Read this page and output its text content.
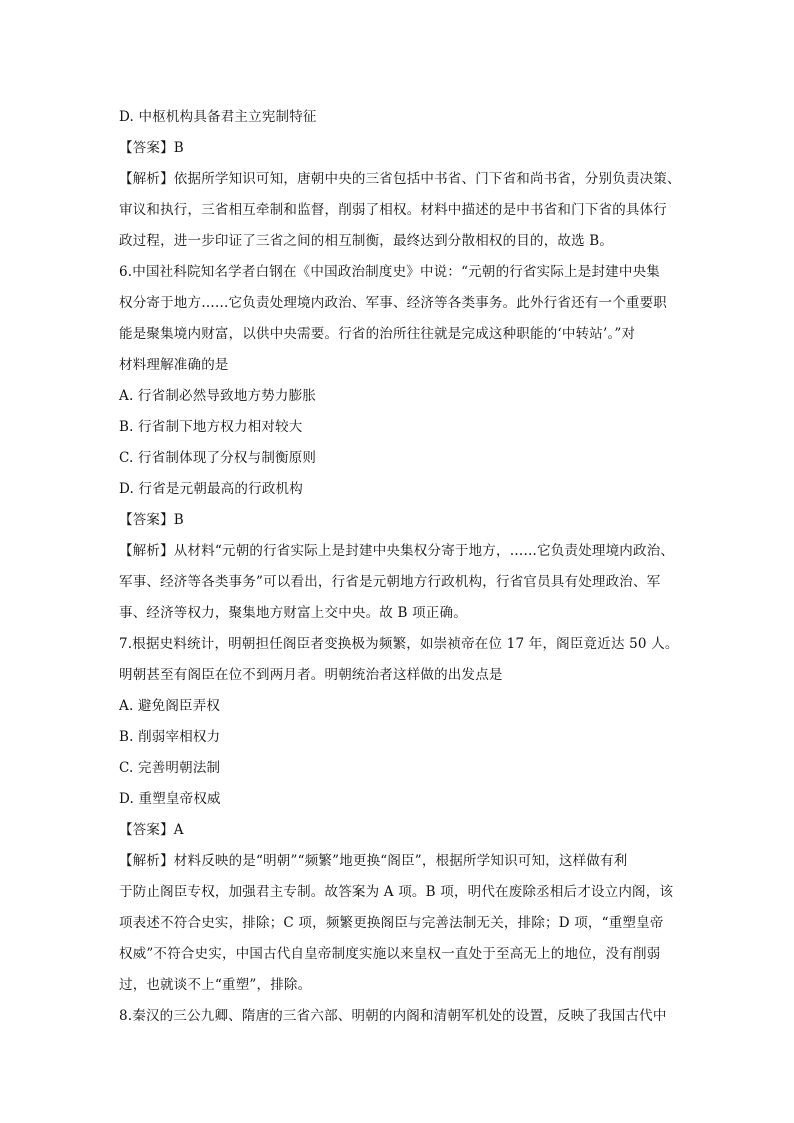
D. 中枢机构具备君主立宪制特征
【答案】B
【解析】依据所学知识可知，唐朝中央的三省包括中书省、门下省和尚书省，分别负责决策、
审议和执行，三省相互牵制和监督，削弱了相权。材料中描述的是中书省和门下省的具体行
政过程，进一步印证了三省之间的相互制衡，最终达到分散相权的目的，故选 B。
6.中国社科院知名学者白钢在《中国政治制度史》中说：“元朝的行省实际上是封建中央集
权分寄于地方……它负责处理境内政治、军事、经济等各类事务。此外行省还有一个重要职
能是聚集境内财富，以供中央需要。行省的治所往往就是完成这种职能的‘中转站’。”对
材料理解准确的是
A. 行省制必然导致地方势力膨胀
B. 行省制下地方权力相对较大
C. 行省制体现了分权与制衡原则
D. 行省是元朝最高的行政机构
【答案】B
【解析】从材料“元朝的行省实际上是封建中央集权分寄于地方，……它负责处理境内政治、
军事、经济等各类事务”可以看出，行省是元朝地方行政机构，行省官员具有处理政治、军
事、经济等权力，聚集地方财富上交中央。故 B 项正确。
7.根据史料统计，明朝担任阁臣者变换极为频繁，如崇祯帝在位 17 年，阁臣竟近达 50 人。
明朝甚至有阁臣在位不到两月者。明朝统治者这样做的出发点是
A. 避免阁臣弄权
B. 削弱宰相权力
C. 完善明朝法制
D. 重塑皇帝权威
【答案】A
【解析】材料反映的是“明朝”“频繁”地更换“阁臣”，根据所学知识可知，这样做有利
于防止阁臣专权，加强君主专制。故答案为 A 项。B 项，明代在废除丞相后才设立内阁，该
项表述不符合史实，排除；C 项，频繁更换阁臣与完善法制无关，排除；D 项，“重塑皇帝
权威”不符合史实，中国古代自皇帝制度实施以来皇权一直处于至高无上的地位，没有削弱
过，也就谈不上“重塑”，排除。
8.秦汉的三公九卿、隋唐的三省六部、明朝的内阁和清朝军机处的设置，反映了我国古代中
